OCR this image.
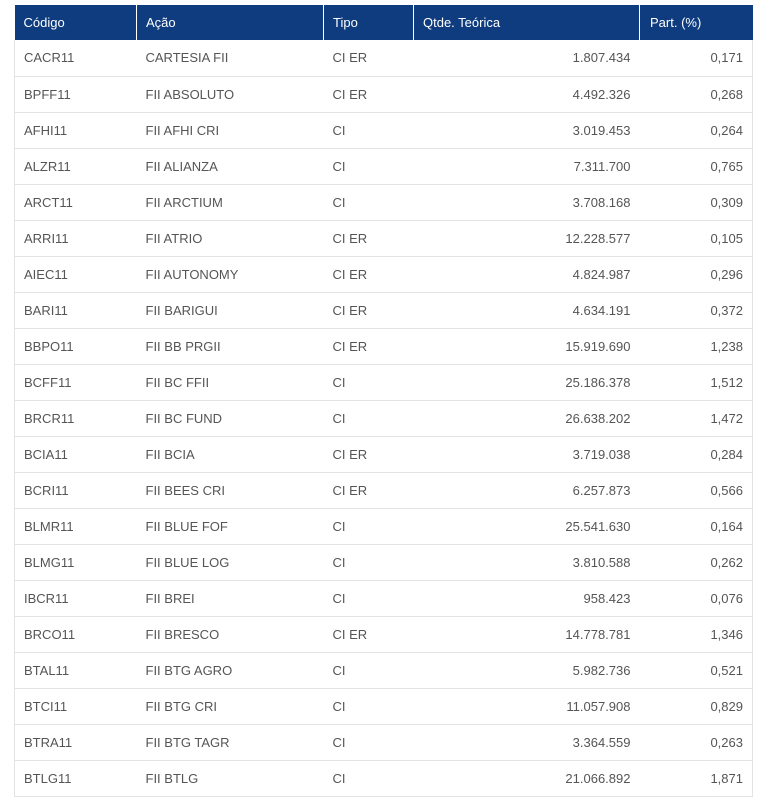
Código	Ação	Tipo	Qtde. Teórica	Part. (%)
CACR11	CARTESIA FII	CI ER	1.807.434	0,171
BPFF11	FII ABSOLUTO	CI ER	4.492.326	0,268
AFHI11	FII AFHI CRI	CI	3.019.453	0,264
ALZR11	FII ALIANZA	CI	7.311.700	0,765
ARCT11	FII ARCTIUM	CI	3.708.168	0,309
ARRI11	FII ATRIO	CI ER	12.228.577	0,105
AIEC11	FII AUTONOMY	CI ER	4.824.987	0,296
BARI11	FII BARIGUI	CI ER	4.634.191	0,372
BBPO11	FII BB PRGII	CI ER	15.919.690	1,238
BCFF11	FII BC FFII	CI	25.186.378	1,512
BRCR11	FII BC FUND	CI	26.638.202	1,472
BCIA11	FII BCIA	CI ER	3.719.038	0,284
BCRI11	FII BEES CRI	CI ER	6.257.873	0,566
BLMR11	FII BLUE FOF	CI	25.541.630	0,164
BLMG11	FII BLUE LOG	CI	3.810.588	0,262
IBCR11	FII BREI	CI	958.423	0,076
BRCO11	FII BRESCO	CI ER	14.778.781	1,346
BTAL11	FII BTG AGRO	CI	5.982.736	0,521
BTCI11	FII BTG CRI	CI	11.057.908	0,829
BTRA11	FII BTG TAGR	CI	3.364.559	0,263
BTLG11	FII BTLG	CI	21.066.892	1,871
